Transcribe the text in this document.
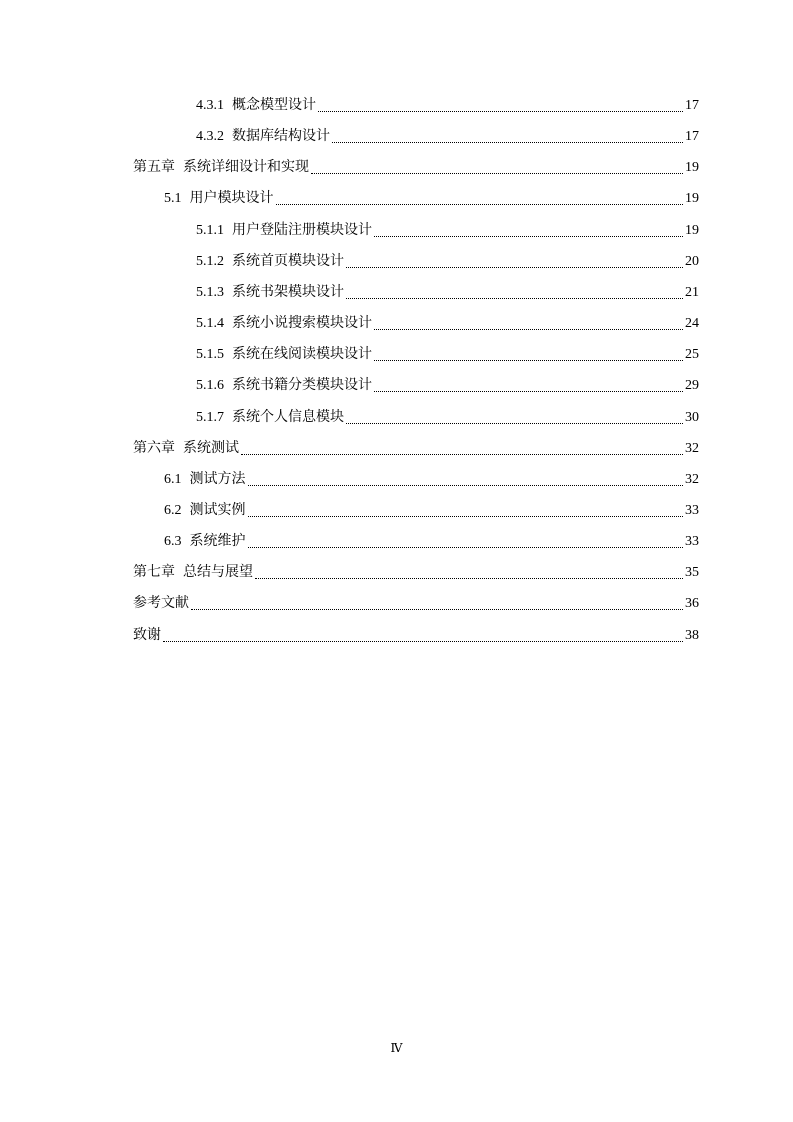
4.3.1 概念模型设计	17
4.3.2 数据库结构设计	17
第五章 系统详细设计和实现	19
5.1 用户模块设计	19
5.1.1 用户登陆注册模块设计	19
5.1.2 系统首页模块设计	20
5.1.3 系统书架模块设计	21
5.1.4 系统小说搜索模块设计	24
5.1.5 系统在线阅读模块设计	25
5.1.6 系统书籍分类模块设计	29
5.1.7 系统个人信息模块	30
第六章 系统测试	32
6.1 测试方法	32
6.2 测试实例	33
6.3 系统维护	33
第七章 总结与展望	35
参考文献	36
致谢	38
Ⅳ
